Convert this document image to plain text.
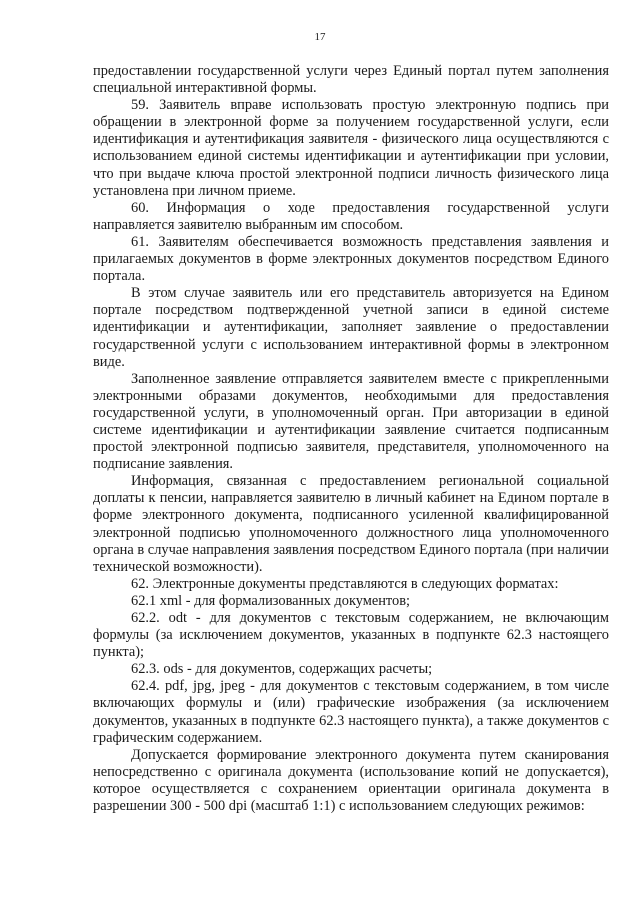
17

предоставлении государственной услуги через Единый портал путем заполнения специальной интерактивной формы.

59. Заявитель вправе использовать простую электронную подпись при обращении в электронной форме за получением государственной услуги, если идентификация и аутентификация заявителя - физического лица осуществляются с использованием единой системы идентификации и аутентификации при условии, что при выдаче ключа простой электронной подписи личность физического лица установлена при личном приеме.

60. Информация о ходе предоставления государственной услуги направляется заявителю выбранным им способом.

61. Заявителям обеспечивается возможность представления заявления и прилагаемых документов в форме электронных документов посредством Единого портала.

В этом случае заявитель или его представитель авторизуется на Едином портале посредством подтвержденной учетной записи в единой системе идентификации и аутентификации, заполняет заявление о предоставлении государственной услуги с использованием интерактивной формы в электронном виде.

Заполненное заявление отправляется заявителем вместе с прикрепленными электронными образами документов, необходимыми для предоставления государственной услуги, в уполномоченный орган. При авторизации в единой системе идентификации и аутентификации заявление считается подписанным простой электронной подписью заявителя, представителя, уполномоченного на подписание заявления.

Информация, связанная с предоставлением региональной социальной доплаты к пенсии, направляется заявителю в личный кабинет на Едином портале в форме электронного документа, подписанного усиленной квалифицированной электронной подписью уполномоченного должностного лица уполномоченного органа в случае направления заявления посредством Единого портала (при наличии технической возможности).

62. Электронные документы представляются в следующих форматах:

62.1 xml - для формализованных документов;

62.2. odt - для документов с текстовым содержанием, не включающим формулы (за исключением документов, указанных в подпункте 62.3 настоящего пункта);

62.3. ods - для документов, содержащих расчеты;

62.4. pdf, jpg, jpeg - для документов с текстовым содержанием, в том числе включающих формулы и (или) графические изображения (за исключением документов, указанных в подпункте 62.3 настоящего пункта), а также документов с графическим содержанием.

Допускается формирование электронного документа путем сканирования непосредственно с оригинала документа (использование копий не допускается), которое осуществляется с сохранением ориентации оригинала документа в разрешении 300 - 500 dpi (масштаб 1:1) с использованием следующих режимов:
